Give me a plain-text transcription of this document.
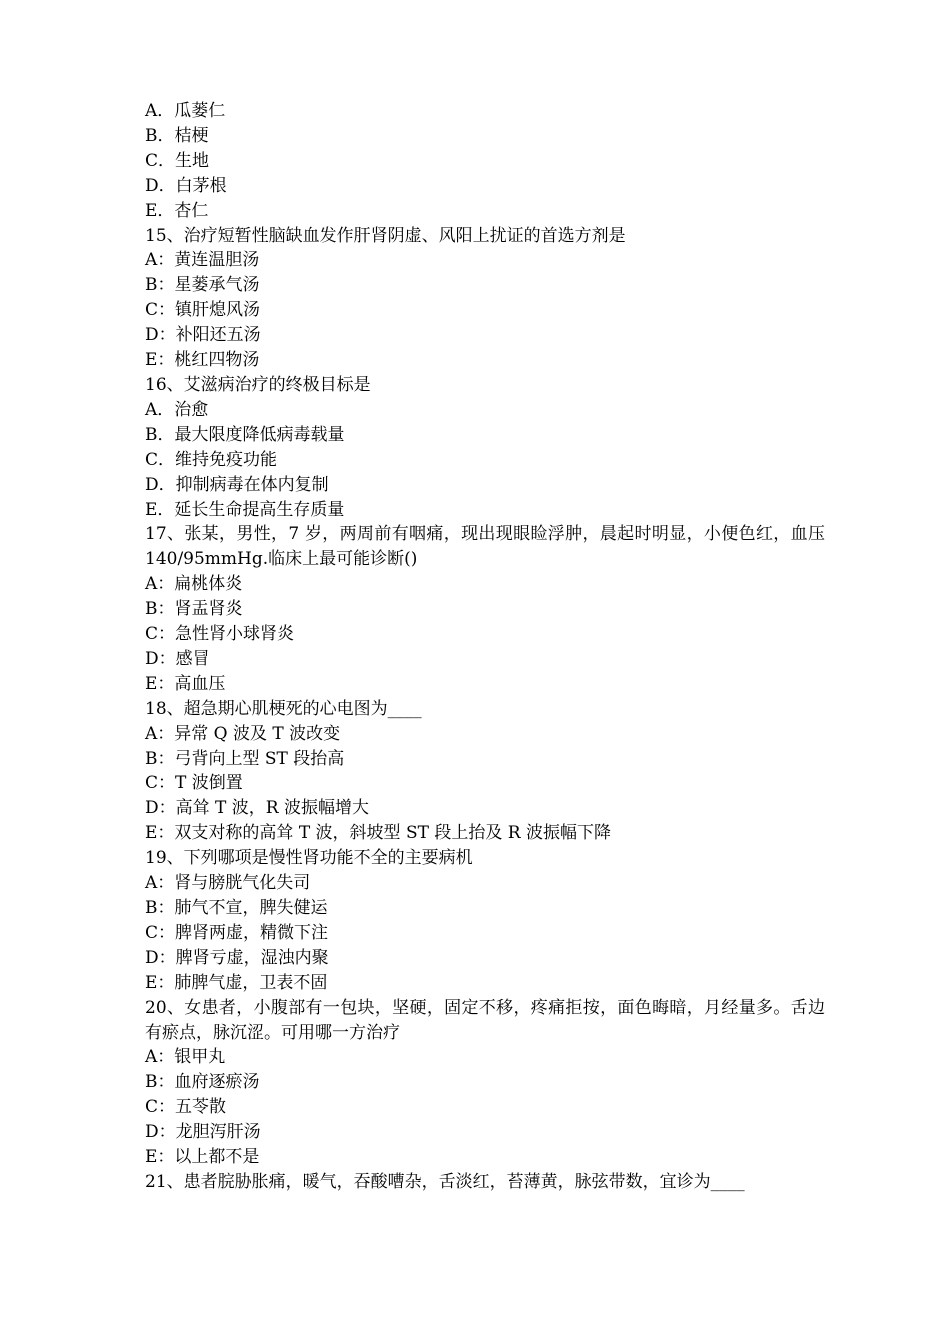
A．瓜蒌仁

B．桔梗

C．生地

D．白茅根

E．杏仁

15、治疗短暂性脑缺血发作肝肾阴虚、风阳上扰证的首选方剂是

A：黄连温胆汤

B：星蒌承气汤

C：镇肝熄风汤

D：补阳还五汤

E：桃红四物汤

16、艾滋病治疗的终极目标是

A．治愈

B．最大限度降低病毒载量

C．维持免疫功能

D．抑制病毒在体内复制

E．延长生命提高生存质量

17、张某，男性，7 岁，两周前有咽痛，现出现眼睑浮肿，晨起时明显，小便色红，血压 140/95mmHg.临床上最可能诊断()

A：扁桃体炎

B：肾盂肾炎

C：急性肾小球肾炎

D：感冒

E：高血压

18、超急期心肌梗死的心电图为____

A：异常 Q 波及 T 波改变

B：弓背向上型 ST 段抬高

C：T 波倒置

D：高耸 T 波，R 波振幅增大

E：双支对称的高耸 T 波，斜坡型 ST 段上抬及 R 波振幅下降

19、下列哪项是慢性肾功能不全的主要病机

A：肾与膀胱气化失司

B：肺气不宣，脾失健运

C：脾肾两虚，精微下注

D：脾肾亏虚，湿浊内聚

E：肺脾气虚，卫表不固

20、女患者，小腹部有一包块，坚硬，固定不移，疼痛拒按，面色晦暗，月经量多。舌边有瘀点，脉沉涩。可用哪一方治疗

A：银甲丸

B：血府逐瘀汤

C：五苓散

D：龙胆泻肝汤

E：以上都不是

21、患者脘胁胀痛，暖气，吞酸嘈杂，舌淡红，苔薄黄，脉弦带数，宜诊为____
